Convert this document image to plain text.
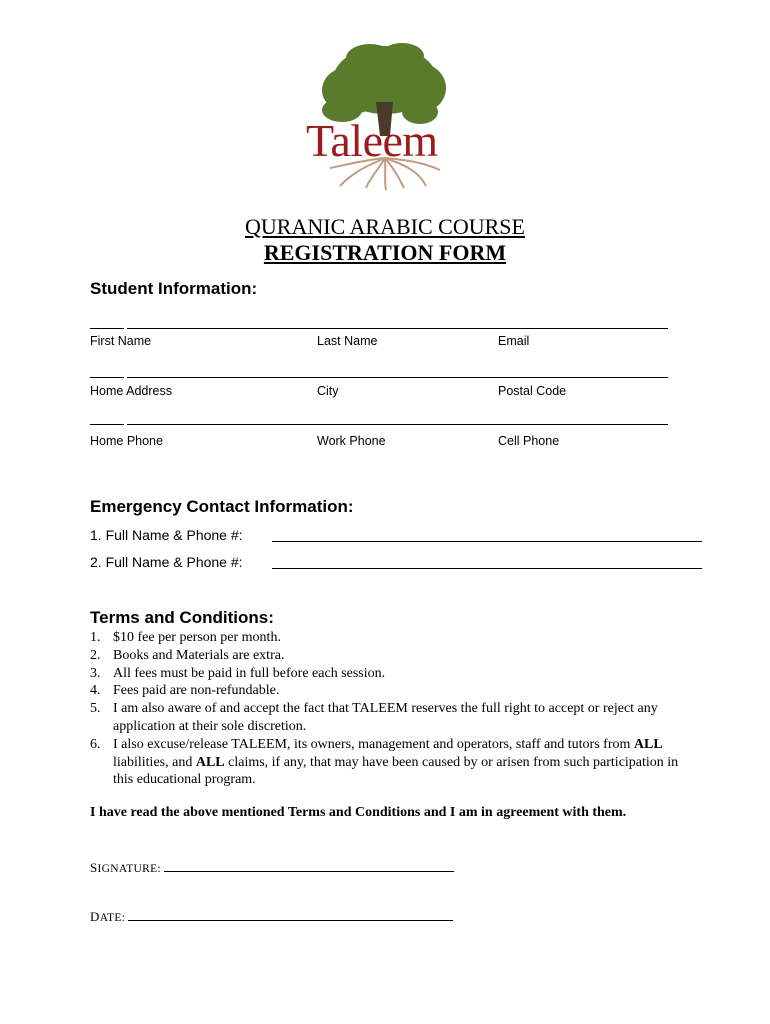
Taleem
QURANIC ARABIC COURSE
REGISTRATION FORM
Student Information:
First Name	Last Name	Email
Home Address	City	Postal Code
Home Phone	Work Phone	Cell Phone
Emergency Contact Information:
1. Full Name & Phone #:
2. Full Name & Phone #:
Terms and Conditions:
1. $10 fee per person per month.
2. Books and Materials are extra.
3. All fees must be paid in full before each session.
4. Fees paid are non-refundable.
5. I am also aware of and accept the fact that TALEEM reserves the full right to accept or reject any application at their sole discretion.
6. I also excuse/release TALEEM, its owners, management and operators, staff and tutors from ALL liabilities, and ALL claims, if any, that may have been caused by or arisen from such participation in this educational program.
I have read the above mentioned Terms and Conditions and I am in agreement with them.
SIGNATURE:
DATE:
